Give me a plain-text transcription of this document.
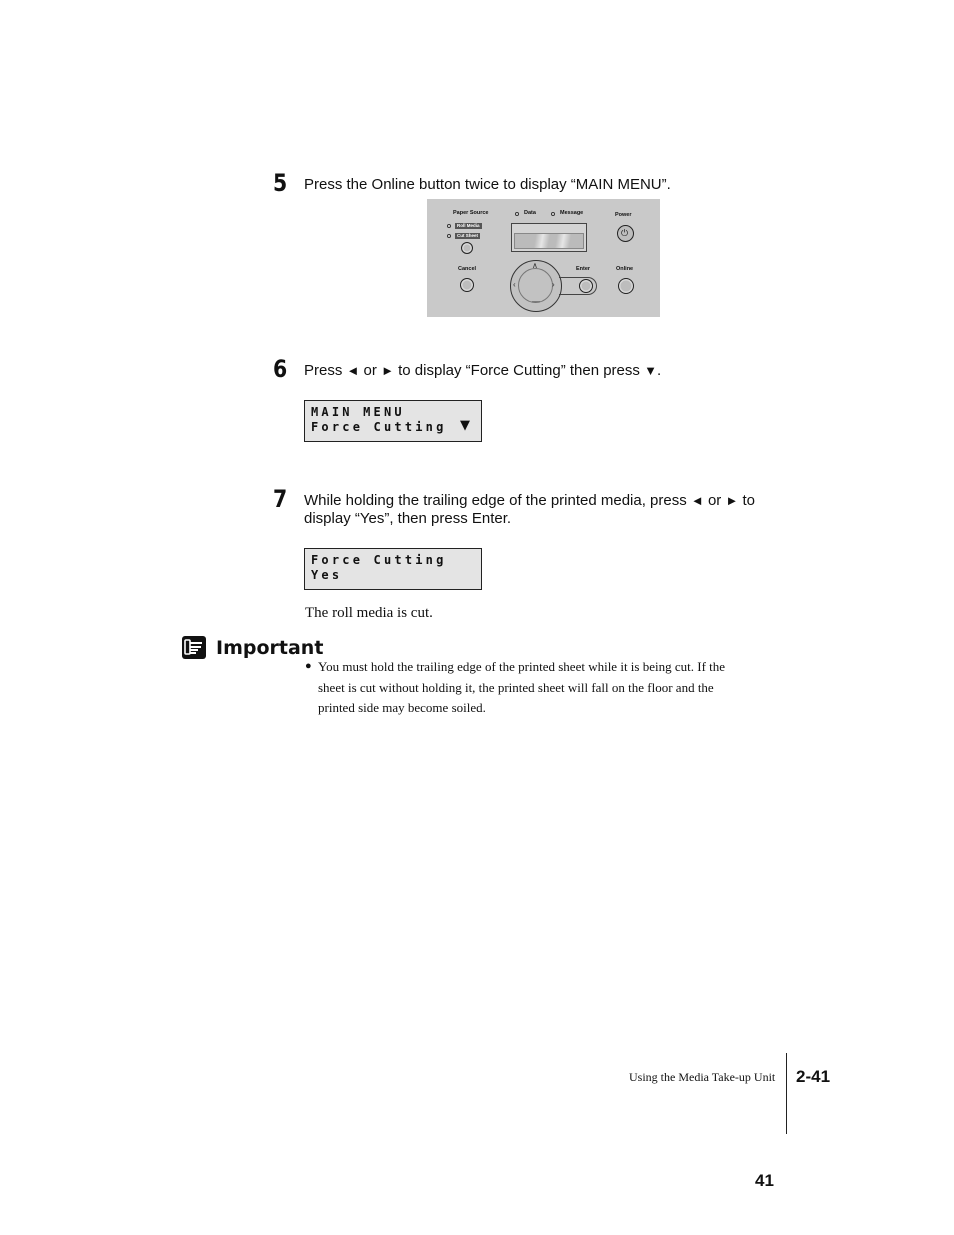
5 Press the Online button twice to display “MAIN MENU”.
Paper Source
Roll Media
Cut Sheet
Data	Message	Power
⏻
Cancel	∧
—
‹	›
Enter	Online
6 Press ◄ or ► to display “Force Cutting” then press ▼.
MAIN MENU
Force Cutting ▼
7 While holding the trailing edge of the printed media, press ◄ or ► to
display “Yes”, then press Enter.
Force Cutting
Yes
The roll media is cut.
Important
● You must hold the trailing edge of the printed sheet while it is being cut. If the
sheet is cut without holding it, the printed sheet will fall on the floor and the
printed side may become soiled.
Using the Media Take-up Unit 2-41
41
